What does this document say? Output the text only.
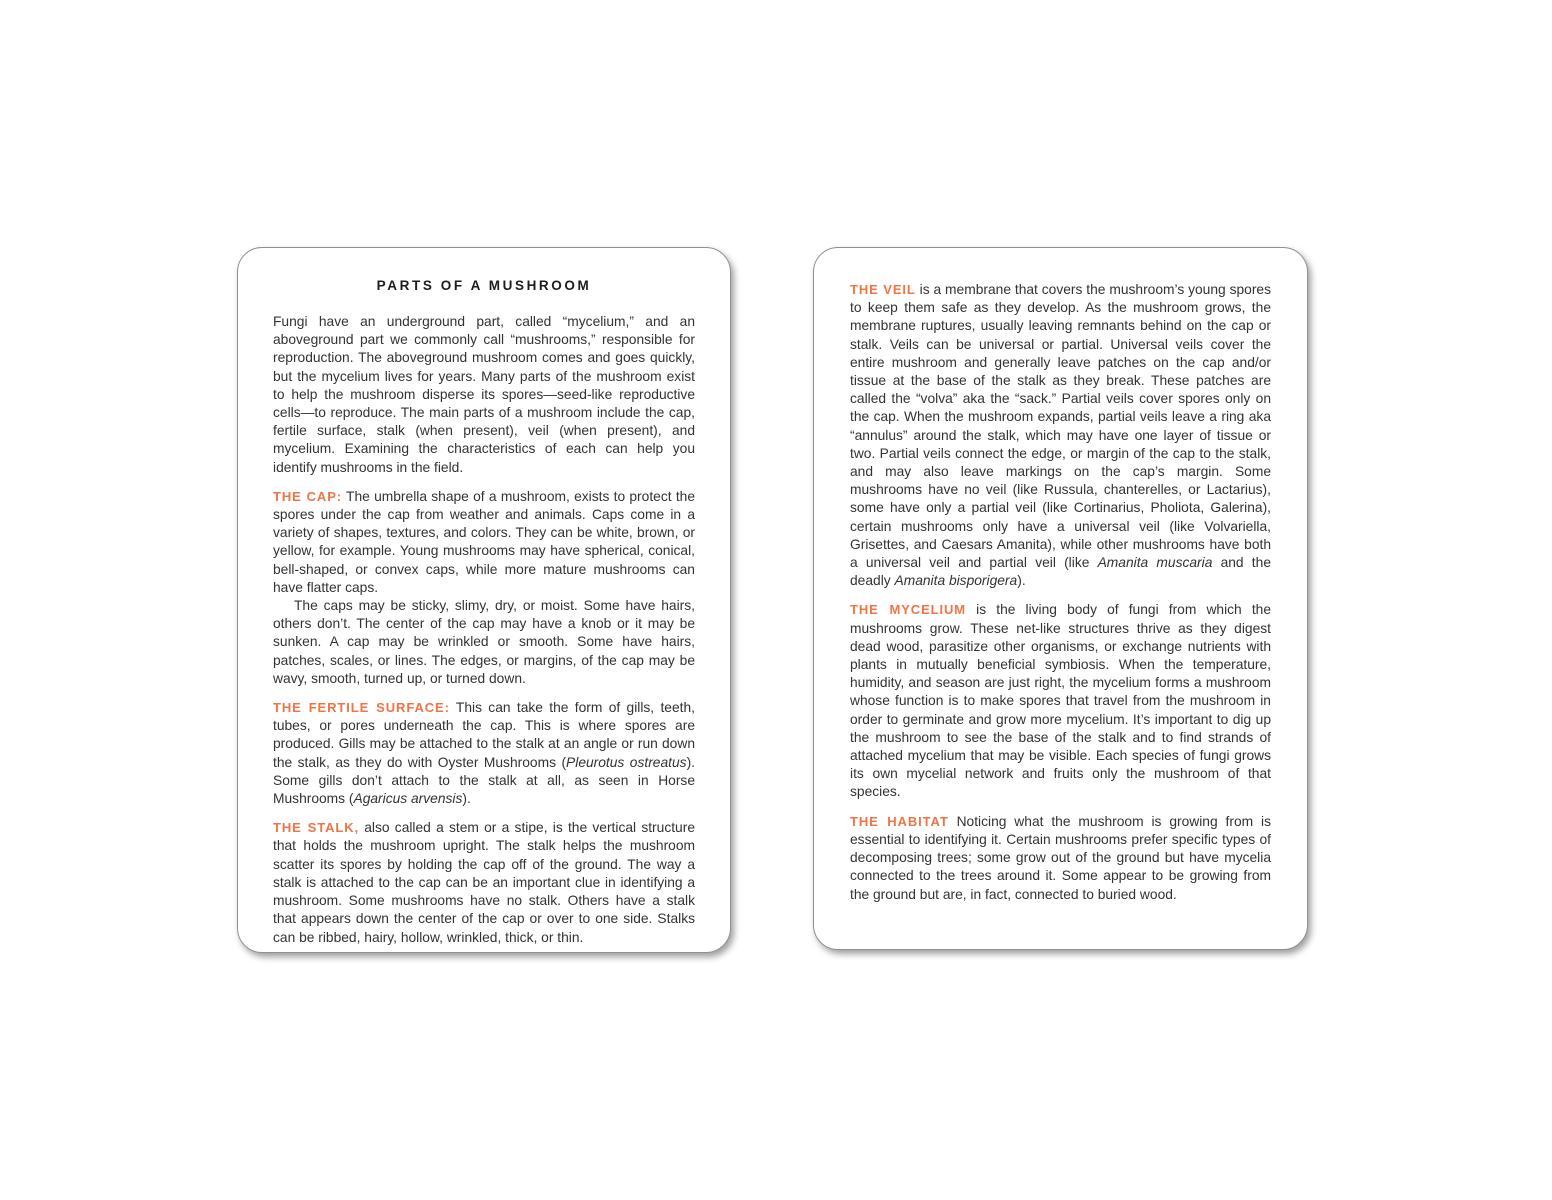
PARTS OF A MUSHROOM

Fungi have an underground part, called “mycelium,” and an aboveground part we commonly call “mushrooms,” responsible for reproduction. The aboveground mushroom comes and goes quickly, but the mycelium lives for years. Many parts of the mushroom exist to help the mushroom disperse its spores—seed-like reproductive cells—to reproduce. The main parts of a mushroom include the cap, fertile surface, stalk (when present), veil (when present), and mycelium. Examining the characteristics of each can help you identify mushrooms in the field.

THE CAP: The umbrella shape of a mushroom, exists to protect the spores under the cap from weather and animals. Caps come in a variety of shapes, textures, and colors. They can be white, brown, or yellow, for example. Young mushrooms may have spherical, conical, bell-shaped, or convex caps, while more mature mushrooms can have flatter caps.

The caps may be sticky, slimy, dry, or moist. Some have hairs, others don’t. The center of the cap may have a knob or it may be sunken. A cap may be wrinkled or smooth. Some have hairs, patches, scales, or lines. The edges, or margins, of the cap may be wavy, smooth, turned up, or turned down.

THE FERTILE SURFACE: This can take the form of gills, teeth, tubes, or pores underneath the cap. This is where spores are produced. Gills may be attached to the stalk at an angle or run down the stalk, as they do with Oyster Mushrooms (Pleurotus ostreatus). Some gills don’t attach to the stalk at all, as seen in Horse Mushrooms (Agaricus arvensis).

THE STALK, also called a stem or a stipe, is the vertical structure that holds the mushroom upright. The stalk helps the mushroom scatter its spores by holding the cap off of the ground. The way a stalk is attached to the cap can be an important clue in identifying a mushroom. Some mushrooms have no stalk. Others have a stalk that appears down the center of the cap or over to one side. Stalks can be ribbed, hairy, hollow, wrinkled, thick, or thin.

THE VEIL is a membrane that covers the mushroom’s young spores to keep them safe as they develop. As the mushroom grows, the membrane ruptures, usually leaving remnants behind on the cap or stalk. Veils can be universal or partial. Universal veils cover the entire mushroom and generally leave patches on the cap and/or tissue at the base of the stalk as they break. These patches are called the “volva” aka the “sack.” Partial veils cover spores only on the cap. When the mushroom expands, partial veils leave a ring aka “annulus” around the stalk, which may have one layer of tissue or two. Partial veils connect the edge, or margin of the cap to the stalk, and may also leave markings on the cap’s margin. Some mushrooms have no veil (like Russula, chanterelles, or Lactarius), some have only a partial veil (like Cortinarius, Pholiota, Galerina), certain mushrooms only have a universal veil (like Volvariella, Grisettes, and Caesars Amanita), while other mushrooms have both a universal veil and partial veil (like Amanita muscaria and the deadly Amanita bisporigera).

THE MYCELIUM is the living body of fungi from which the mushrooms grow. These net-like structures thrive as they digest dead wood, parasitize other organisms, or exchange nutrients with plants in mutually beneficial symbiosis. When the temperature, humidity, and season are just right, the mycelium forms a mushroom whose function is to make spores that travel from the mushroom in order to germinate and grow more mycelium. It’s important to dig up the mushroom to see the base of the stalk and to find strands of attached mycelium that may be visible. Each species of fungi grows its own mycelial network and fruits only the mushroom of that species.

THE HABITAT Noticing what the mushroom is growing from is essential to identifying it. Certain mushrooms prefer specific types of decomposing trees; some grow out of the ground but have mycelia connected to the trees around it. Some appear to be growing from the ground but are, in fact, connected to buried wood.
